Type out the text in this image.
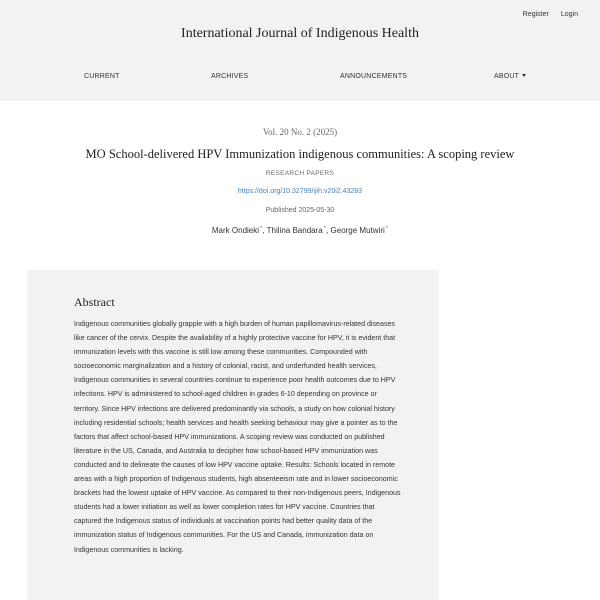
Register Login
International Journal of Indigenous Health
CURRENT	ARCHIVES	ANNOUNCEMENTS	ABOUT
Vol. 20 No. 2 (2025)
MO School-delivered HPV Immunization indigenous communities: A scoping review
RESEARCH PAPERS
https://doi.org/10.32799/ijih.v20i2.43283
Published 2025-05-30
Mark Ondieki*, Thilina Bandara*, George Mutwiri*
Abstract
Indigenous communities globally grapple with a high burden of human papillomavirus-related diseases like cancer of the cervix. Despite the availability of a highly protective vaccine for HPV, it is evident that immunization levels with this vaccine is still low among these communities. Compounded with socioeconomic marginalization and a history of colonial, racist, and underfunded health services, Indigenous communities in several countries continue to experience poor health outcomes due to HPV infections. HPV is administered to school-aged children in grades 6-10 depending on province or territory. Since HPV infections are delivered predominantly via schools, a study on how colonial history including residential schools; health services and health seeking behaviour may give a pointer as to the factors that affect school-based HPV immunizations. A scoping review was conducted on published literature in the US, Canada, and Australia to decipher how school-based HPV immunization was conducted and to delineate the causes of low HPV vaccine uptake. Results: Schools located in remote areas with a high proportion of Indigenous students, high absenteeism rate and in lower socioeconomic brackets had the lowest uptake of HPV vaccine. As compared to their non-Indigenous peers, Indigenous students had a lower initiation as well as lower completion rates for HPV vaccine. Countries that captured the Indigenous status of individuals at vaccination points had better quality data of the immunization status of Indigenous communities. For the US and Canada, immunization data on Indigenous communities is lacking.
